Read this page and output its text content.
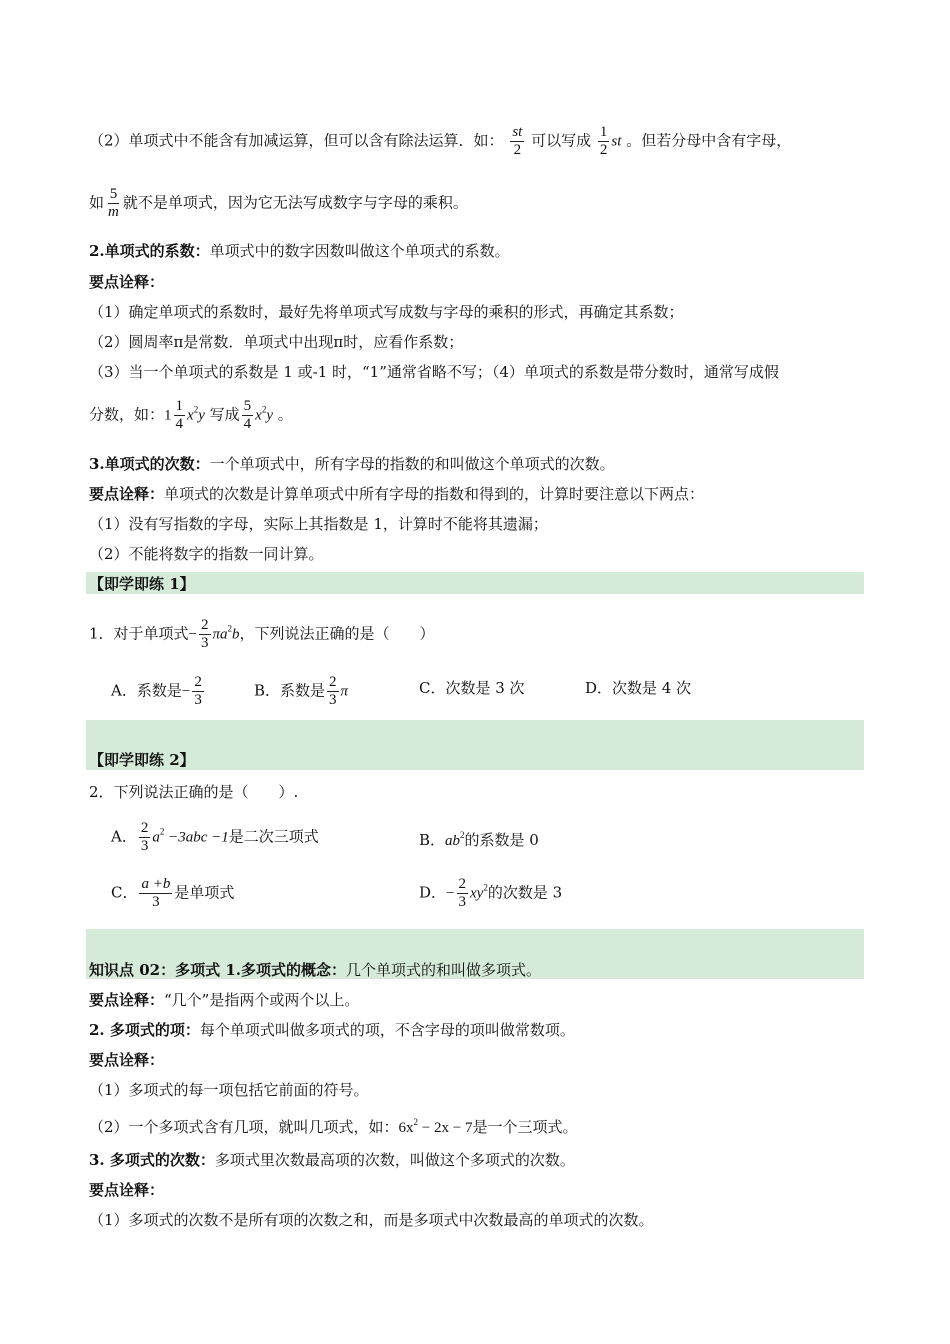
（2）单项式中不能含有加减运算，但可以含有除法运算．如： $\frac{st}{2}$ 可以写成 $\frac{1}{2}$ st 。但若分母中含有字母，
如 $\frac{5}{m}$ 就不是单项式，因为它无法写成数字与字母的乘积。
2.单项式的系数：单项式中的数字因数叫做这个单项式的系数。
要点诠释：
（1）确定单项式的系数时，最好先将单项式写成数与字母的乘积的形式，再确定其系数；
（2）圆周率π是常数．单项式中出现π时，应看作系数；
（3）当一个单项式的系数是 1 或-1 时，“1”通常省略不写；（4）单项式的系数是带分数时，通常写成假
分数，如：$1 \frac{1}{4} x^2y$ 写成 $\frac{5}{4} x^2y$ 。
3.单项式的次数：一个单项式中，所有字母的指数的和叫做这个单项式的次数。
要点诠释：单项式的次数是计算单项式中所有字母的指数和得到的，计算时要注意以下两点：
（1）没有写指数的字母，实际上其指数是 1，计算时不能将其遗漏；
（2）不能将数字的指数一同计算。
【即学即练 1】
1．对于单项式− $\frac{2}{3} \pi a^2b$，下列说法正确的是（　　）
A．系数是− $\frac{2}{3}$	B．系数是 $\frac{2}{3}$ π	C．次数是 3 次	D．次数是 4 次
【即学即练 2】
2．下列说法正确的是（　　）.
A． $\frac{2}{3} a^2 -3abc -1$是二次三项式	B．$ab^2$的系数是 0
C． $\frac{a +b}{3}$ 是单项式	D．− $\frac{2}{3} xy^2$的次数是 3
知识点 02：多项式 1.多项式的概念：几个单项式的和叫做多项式。
要点诠释：“几个”是指两个或两个以上。
2. 多项式的项：每个单项式叫做多项式的项，不含字母的项叫做常数项。
要点诠释：
（1）多项式的每一项包括它前面的符号。
（2）一个多项式含有几项，就叫几项式，如：$6x^2 - 2x - 7$是一个三项式。
3. 多项式的次数：多项式里次数最高项的次数，叫做这个多项式的次数。
要点诠释：
（1）多项式的次数不是所有项的次数之和，而是多项式中次数最高的单项式的次数。
